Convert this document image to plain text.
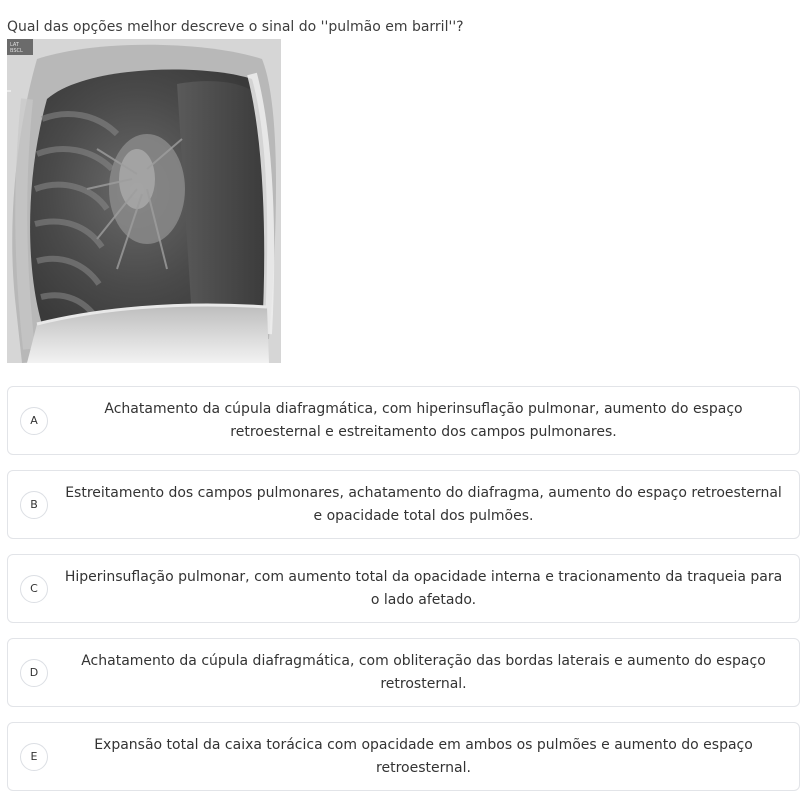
Qual das opções melhor descreve o sinal do ''pulmão em barril''?
LAT
BSCL
A
Achatamento da cúpula diafragmática, com hiperinsuflação pulmonar, aumento do espaço retroesternal e estreitamento dos campos pulmonares.
B
Estreitamento dos campos pulmonares, achatamento do diafragma, aumento do espaço retroesternal e opacidade total dos pulmões.
C
Hiperinsuflação pulmonar, com aumento total da opacidade interna e tracionamento da traqueia para o lado afetado.
D
Achatamento da cúpula diafragmática, com obliteração das bordas laterais e aumento do espaço retrosternal.
E
Expansão total da caixa torácica com opacidade em ambos os pulmões e aumento do espaço retroesternal.
